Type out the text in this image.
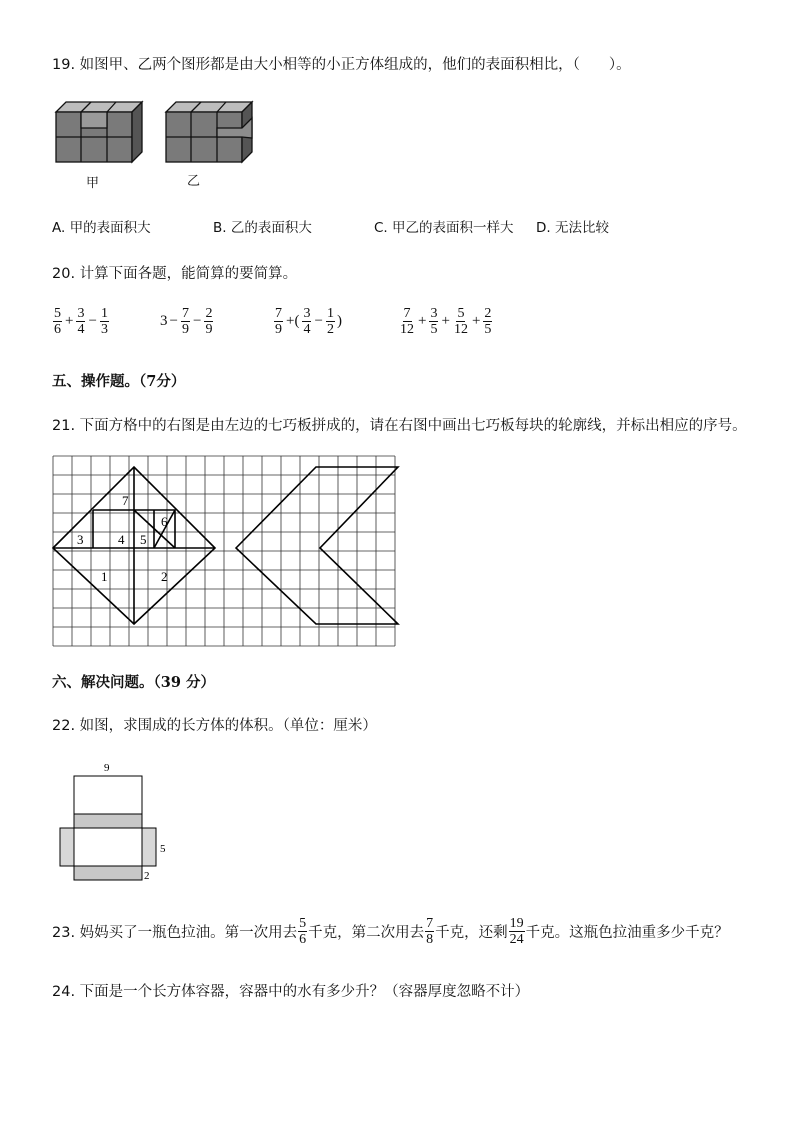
19. 如图甲、乙两个图形都是由大小相等的小正方体组成的，他们的表面积相比，（　　）。
甲	乙
A. 甲的表面积大	B. 乙的表面积大	C. 甲乙的表面积一样大 D. 无法比较
20. 计算下面各题，能简算的要简算。
$\frac{5}{6} + \frac{3}{4} - \frac{1}{3}$	$3 - \frac{7}{9} - \frac{2}{9}$	$\frac{7}{9}$ +( $\frac{3}{4} - \frac{1}{2}$ )	$\frac{7}{12} + \frac{3}{5} + \frac{5}{12} + \frac{2}{5}$
五、操作题。（7分）
21. 下面方格中的右图是由左边的七巧板拼成的，请在右图中画出七巧板每块的轮廓线，并标出相应的序号。
7
6
3	4 5
1	2
六、解决问题。（39 分）
22. 如图，求围成的长方体的体积。（单位：厘米）
9
5
2
23. 妈妈买了一瓶色拉油。第一次用去 $\frac{5}{6}$ 千克，第二次用去 $\frac{7}{8}$ 千克，还剩 $\frac{19}{24}$ 千克。这瓶色拉油重多少千克？
24. 下面是一个长方体容器，容器中的水有多少升？（容器厚度忽略不计）
